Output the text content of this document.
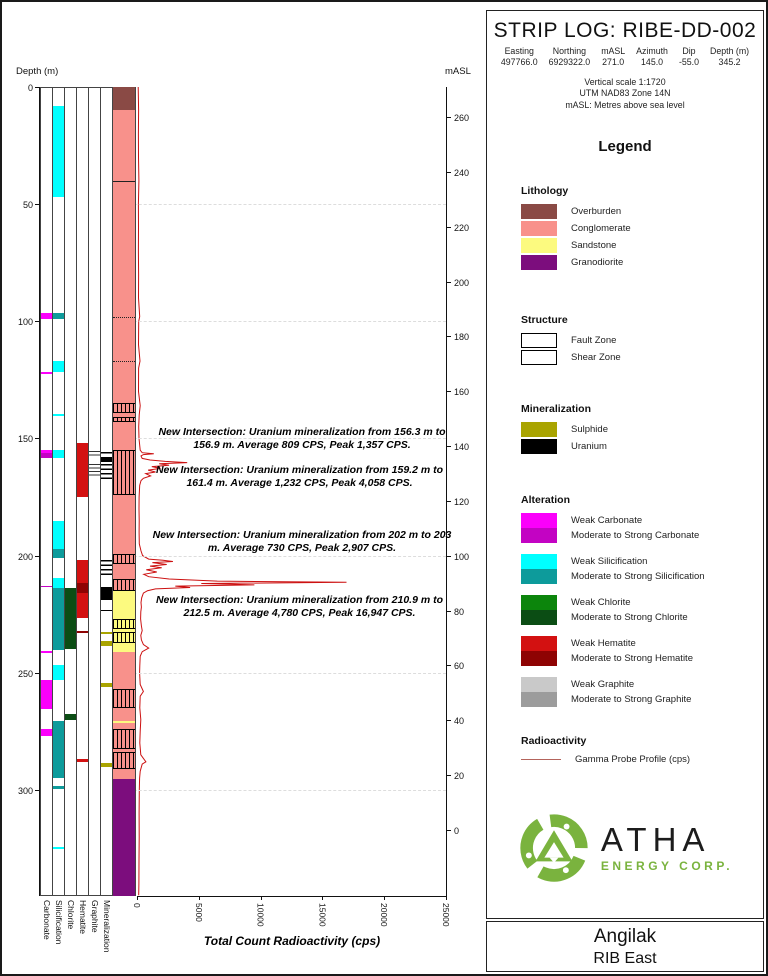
Depth (m)	mASL
Total Count Radioactivity (cps)
Carbonate Silicification Chlorite Hematite Graphite Mineralization
0
50
100
150
200
250
300
260
240
220
200
180
160
140
120
100
80
60
40
20
0
0	5000	10000	15000	20000	25000
New Intersection: Uranium mineralization from 156.3 m to 156.9 m. Average 809 CPS, Peak 1,357 CPS.
New Intersection: Uranium mineralization from 159.2 m to 161.4 m. Average 1,232 CPS, Peak 4,058 CPS.
New Intersection: Uranium mineralization from 202 m to 203 m. Average 730 CPS, Peak 2,907 CPS.
New Intersection: Uranium mineralization from 210.9 m to 212.5 m. Average 4,780 CPS, Peak 16,947 CPS.
STRIP LOG: RIBE-DD-002
Easting
497766.0
Northing
6929322.0
mASL
271.0
Azimuth
145.0
Dip
-55.0
Depth (m)
345.2
Vertical scale 1:1720
UTM NAD83 Zone 14N
mASL: Metres above sea level
Legend
Lithology
Overburden
Conglomerate
Sandstone
Granodiorite
Structure
Fault Zone
Shear Zone
Mineralization
Sulphide
Uranium
Alteration
Weak Carbonate
Moderate to Strong Carbonate
Weak Silicification
Moderate to Strong Silicification
Weak Chlorite
Moderate to Strong Chlorite
Weak Hematite
Moderate to Strong Hematite
Weak Graphite
Moderate to Strong Graphite
Radioactivity
Gamma Probe Profile (cps)
ATHA
ENERGY CORP.
Angilak
RIB East
